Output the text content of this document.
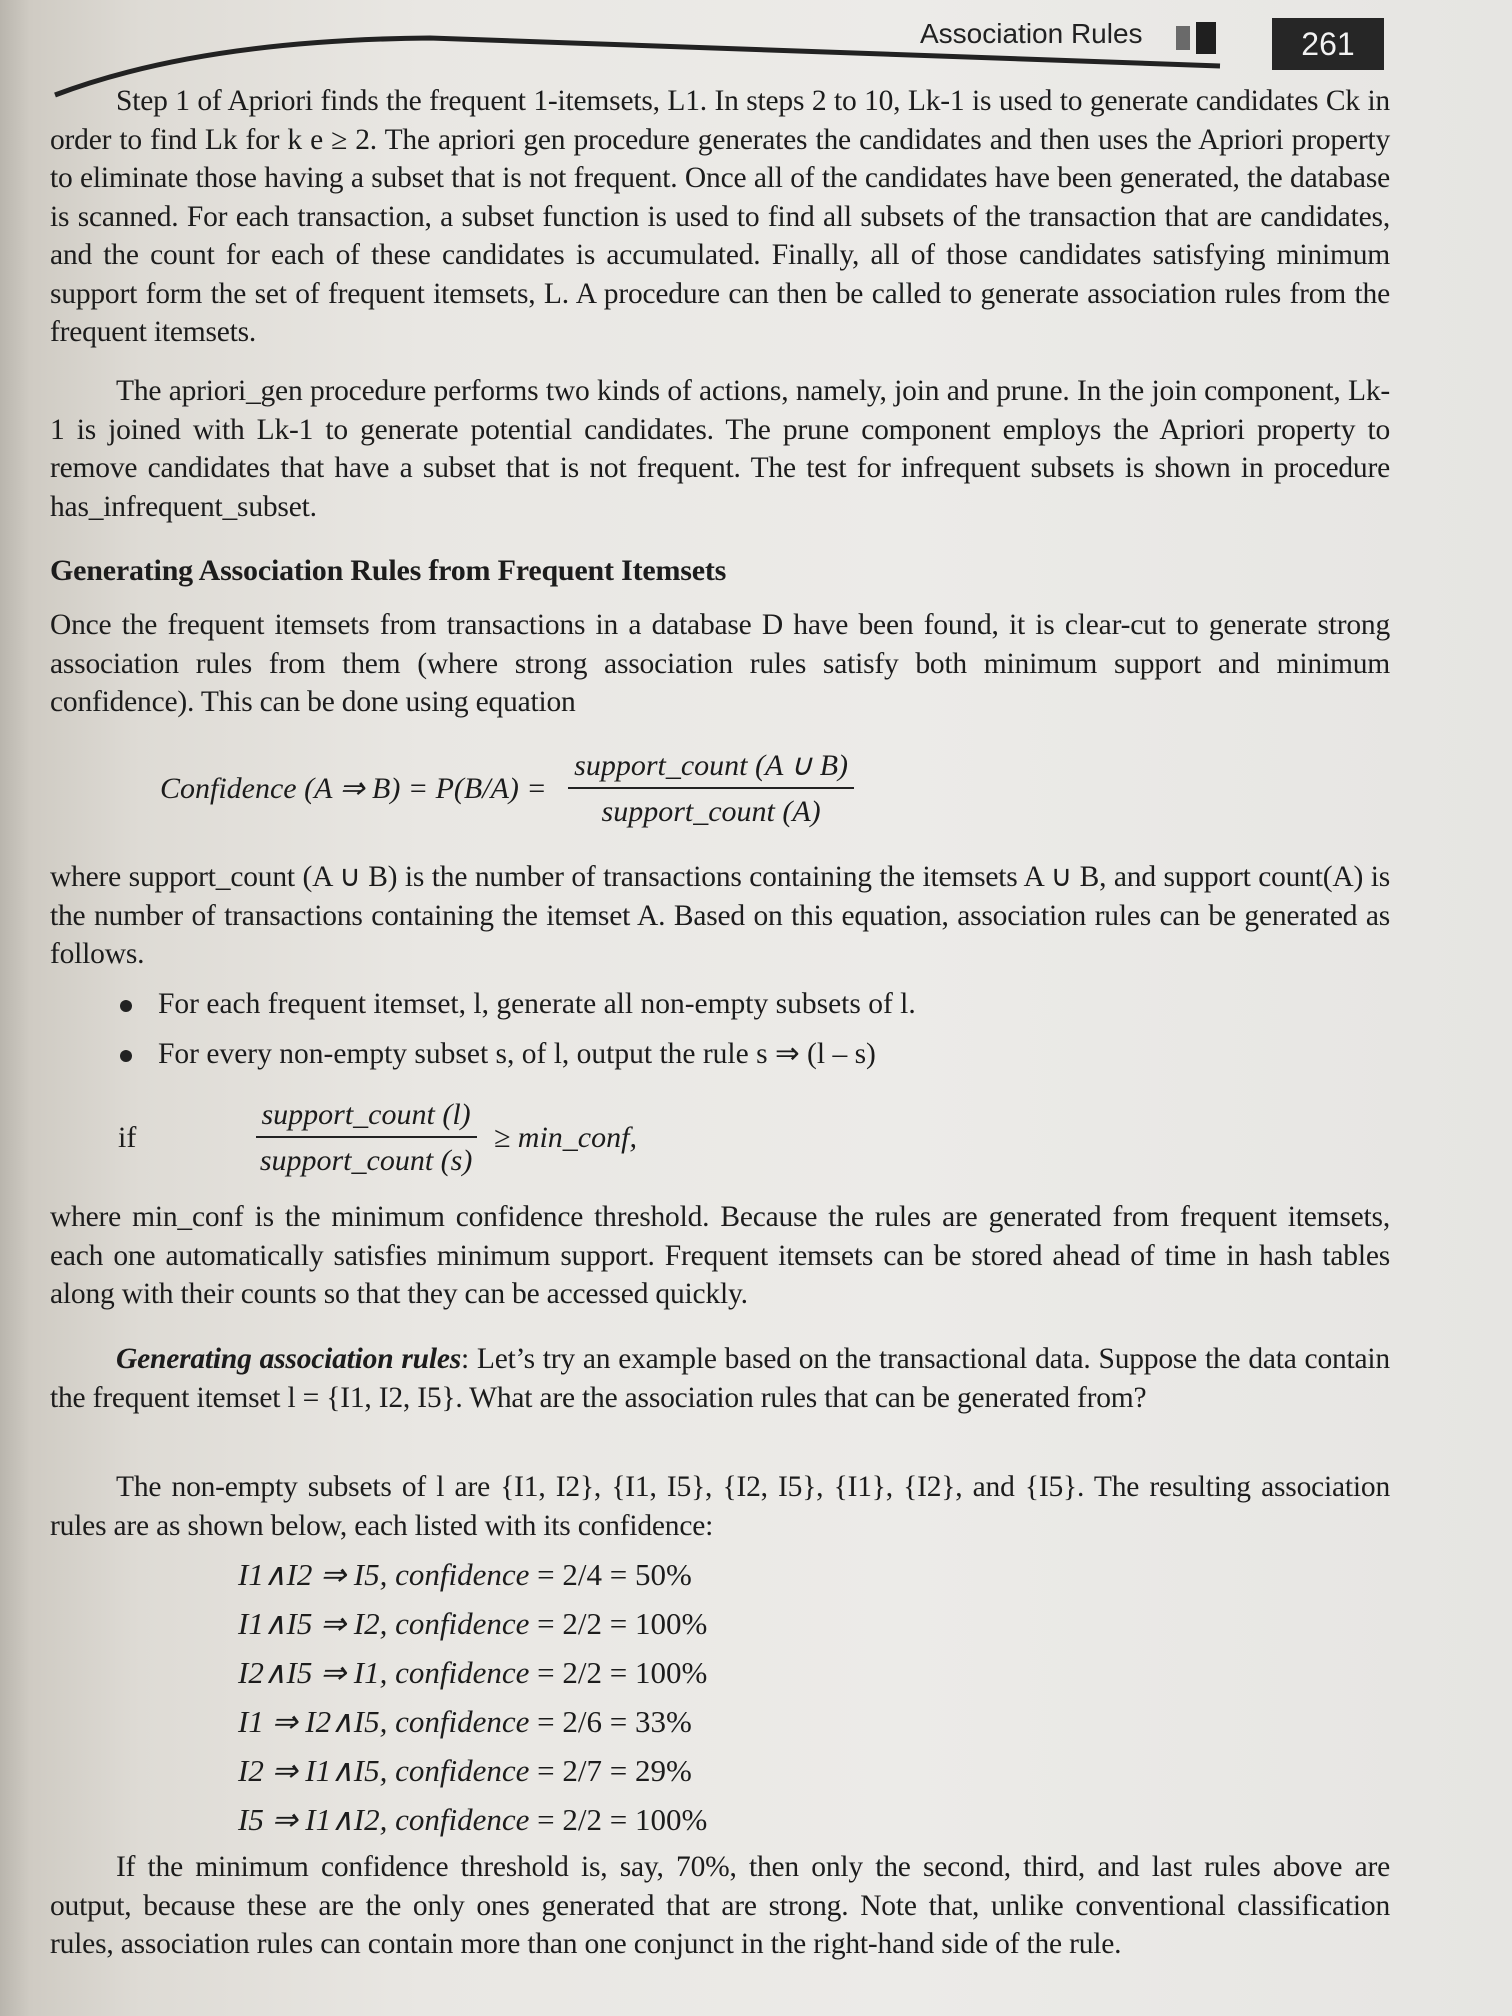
Association Rules	261

Step 1 of Apriori finds the frequent 1-itemsets, L1. In steps 2 to 10, Lk-1 is used to generate candidates Ck in order to find Lk for k e ≥ 2. The apriori gen procedure generates the candidates and then uses the Apriori property to eliminate those having a subset that is not frequent. Once all of the candidates have been generated, the database is scanned. For each transaction, a subset function is used to find all subsets of the transaction that are candidates, and the count for each of these candidates is accumulated. Finally, all of those candidates satisfying minimum support form the set of frequent itemsets, L. A procedure can then be called to generate association rules from the frequent itemsets.

The apriori_gen procedure performs two kinds of actions, namely, join and prune. In the join component, Lk-1 is joined with Lk-1 to generate potential candidates. The prune component employs the Apriori property to remove candidates that have a subset that is not frequent. The test for infrequent subsets is shown in procedure has_infrequent_subset.

Generating Association Rules from Frequent Itemsets

Once the frequent itemsets from transactions in a database D have been found, it is clear-cut to generate strong association rules from them (where strong association rules satisfy both minimum support and minimum confidence). This can be done using equation

Confidence (A ⇒ $B) = P(B/A) = \frac{\text{support\_count (A ∪ B)}}{\text{support\_count (A)}}$

where support_count (A ∪ B) is the number of transactions containing the itemsets A ∪ B, and support count(A) is the number of transactions containing the itemset A. Based on this equation, association rules can be generated as follows.

For each frequent itemset, l, generate all non-empty subsets of l.
For every non-empty subset s, of l, output the rule s ⇒ (l – s)
if	$\frac{\text{support\_count (l)}}{\text{support\_count (s)}}$ ≥ min_conf,

where min_conf is the minimum confidence threshold. Because the rules are generated from frequent itemsets, each one automatically satisfies minimum support. Frequent itemsets can be stored ahead of time in hash tables along with their counts so that they can be accessed quickly.

Generating association rules: Let’s try an example based on the transactional data. Suppose the data contain the frequent itemset l = {I1, I2, I5}. What are the association rules that can be generated from?

The non-empty subsets of l are {I1, I2}, {I1, I5}, {I2, I5}, {I1}, {I2}, and {I5}. The resulting association rules are as shown below, each listed with its confidence:

I1∧I2 ⇒ I5, confidence = 2/4 = 50%
I1∧I5 ⇒ I2, confidence = 2/2 = 100%
I2∧I5 ⇒ I1, confidence = 2/2 = 100%
I1 ⇒ I2∧I5, confidence = 2/6 = 33%
I2 ⇒ I1∧I5, confidence = 2/7 = 29%
I5 ⇒ I1∧I2, confidence = 2/2 = 100%

If the minimum confidence threshold is, say, 70%, then only the second, third, and last rules above are output, because these are the only ones generated that are strong. Note that, unlike conventional classification rules, association rules can contain more than one conjunct in the right-hand side of the rule.
